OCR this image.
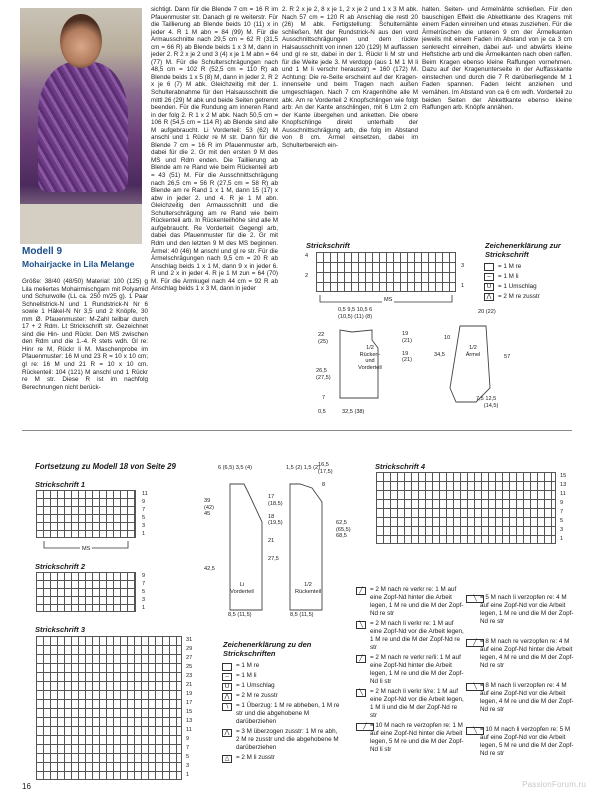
Modell 9
Mohairjacke in Lila Melange
Größe: 38/40 (48/50) Material: 100 (125) g Lila meliertes Mohairmischgarn mit Polyamid und Schurwolle (LL ca. 250 m/25 g). 1 Paar Schnellstrick-N und 1 Rundstrick-N Nr 6 sowie 1 Häkel-N Nr 3,5 und 2 Knöpfe, 30 mm Ø. Pfauenmuster: M-Zahl teilbar durch 17 + 2 Rdm. Lt Strickschrift str. Gezeichnet sind die Hin- und Rückr. Den MS zwischen den Rdm und die 1.-4. R stets wdh. Gl re: Hinr re M, Rückr li M. Maschenprobe im Pfauenmuster: 16 M und 23 R = 10 x 10 cm; gl re: 16 M und 21 R = 10 x 10 cm. Rückenteil: 104 (121) M anschl und 1 Rückr re M str. Diese R ist im nachfolg Berechnungen nicht berück-
sichtigt. Dann für die Blende 7 cm = 16 R im Pfauenmuster str. Danach gl re weiterstr. Für die Taillierung ab Blende beids 10 (11) x in jeder 4. R 1 M abn = 84 (99) M. Für die Armausschnitte nach 29,5 cm = 62 R (31,5 cm = 66 R) ab Blende beids 1 x 3 M, dann in jeder 2. R 2 x je 2 und 3 (4) x je 1 M abn = 64 (77) M. Für die Schulterschrägungen nach 48,5 cm = 102 R (52,5 cm = 110 R) ab Blende beids 1 x 5 (8) M, dann in jeder 2. R 2 x je 6 (7) M abk. Gleichzeitig mit der 1. Schulterabnahme für den Halsausschnitt die mittl 26 (29) M abk und beide Seiten getrennt beenden. Für die Rundung am inneren Rand in der folg 2. R 1 x 2 M abk. Nach 50,5 cm = 106 R (54,5 cm = 114 R) ab Blende sind alle M aufgebraucht. Li Vorderteil: 53 (62) M anschl und 1 Rückr re M str. Dann für die Blende 7 cm = 16 R im Pfauenmuster arb, dabei für die 2. Gr mit den ersten 9 M des MS und Rdm enden. Die Taillierung ab Blende am re Rand wie beim Rückenteil arb = 43 (51) M. Für die Ausschnittschrägung nach 26,5 cm = 56 R (27,5 cm = 58 R) ab Blende am re Rand 1 x 1 M, dann 15 (17) x abw in jeder 2. und 4. R je 1 M abn. Gleichzeitig den Armausschnitt und die Schulterschrägung am re Rand wie beim Rückenteil arb. In Rückenteilhöhe sind alle M aufgebraucht. Re Vorderteil: Gegengl arb, dabei das Pfauenmuster für die 2. Gr mit Rdm und den letzten 9 M des MS beginnen. Ärmel: 40 (46) M anschl und gl re str. Für die Ärmelschrägungen nach 9,5 cm = 20 R ab Anschlag beids 1 x 1 M, dann 9 x in jeder 6. R und 2 x in jeder 4. R je 1 M zun = 64 (70) M. Für die Armkugel nach 44 cm = 92 R ab Anschlag beids 1 x 3 M, dann in jeder
2. R 2 x je 2, 8 x je 1, 2 x je 2 und 1 x 3 M abk. Nach 57 cm = 120 R ab Anschlag die restl 20 (26) M abk. Fertigstellung: Schulternähte schließen. Mit der Rundstrick-N aus den vord Ausschnittschrägungen und dem rückw Halsausschnitt von innen 120 (129) M auffassen und gl re str, dabei in der 1. Rückr li M str und für die Weite jede 3. M verdopp (aus 1 M 1 M li und 1 M li verschr herausstr) = 160 (172) M. Achtung: Die re-Seite erscheint auf der Krageninnenseite und beim Tragen nach außen umgeschlagen. Nach 7 cm Kragenhöhe alle M abk. Am re Vorderteil 2 Knopfschlingen wie folgt arb: An der Kante anschlingen, mit 6 Ltm 2 cm der Kante übergehen und anketten. Die obere Knopfschlinge direkt unterhalb der Ausschnittschrägung arb, die folg im Abstand von 8 cm. Ärmel einsetzen, dabei im Schulterbereich ein-
halten. Seiten- und Ärmelnähte schließen. Für den bauschigen Effekt die Abkettkante des Kragens mit einem Faden einreihen und etwas zusziehen. Für die Ärmelrüschen die unteren 9 cm der Ärmelkanten jeweils mit einem Faden im Abstand von je ca 3 cm senkrecht einreihen, dabei auf- und abwärts kleine Heftstiche arb und die Ärmelkanten nach oben raffen. Beim Kragen ebenso kleine Raffungen vornehmen. Dazu auf der Kragenunterseite in der Auffasskante einstechen und durch die 7 R darüberliegende M 1 Faden spannen. Faden leicht anziehen und vernähen. Im Abstand von ca 6 cm wdh. Vorderteil zu beiden Seiten der Abkettkante ebenso kleine Raffungen arb. Knöpfe annähen.
Strickschrift
4
2
3
1
MS
Zeichenerklärung zur Strickschrift
= 1 M re
–	= 1 M li
U	= 1 Umschlag
⋀	= 2 M re zusstr
1/2 Rücken- und Vorderteil
1/2 Ärmel
0,5 9,5 10,5 6
(10,5) (11) (8)
22
(25)
19
(21)

19
(21)
26,5
(27,5)
7
32,5 (38)
0,5
20 (22)
10
34,5	57
7,5 12,5
(14,5)
Fortsetzung zu Modell 18 von Seite 29
Strickschrift 1
11
9
7
5
3
1
MS
Strickschrift 2
9
7
5
3
1
Strickschrift 3
31
29
27
25
23
21
19
17
15
13
11
9
7
5
3
1
Li Vorderteil
1/2 Rückenteil
6 (6,5) 3,5 (4)	1,5 (2) 1,5 (2)
16,5
(17,5)
8
39
(42)
45
17
(18,5)

18
(19,5)
21
62,5
(65,5)
68,5
27,5
42,5
8,5 (11,5)	8,5 (11,5)
Zeichenerklärung zu den Strickschriften
= 1 M re
–	= 1 M li
U	= 1 Umschlag
⋀	= 2 M re zusstr
∖	= 1 Überzug: 1 M re abheben, 1 M re str und die abgehobene M darüberziehen
⋀	= 3 M überzogen zusstr: 1 M re abh, 2 M re zusstr und die abgehobene M darüberziehen
△	= 2 M li zusstr
Strickschrift 4
15
13
11
9
7
5
3
1
╱	= 2 M nach re verkr re: 1 M auf eine Zopf-Nd hinter die Arbeit legen, 1 M re und die M der Zopf-Nd re str
╲	= 2 M nach li verkr re: 1 M auf eine Zopf-Nd vor die Arbeit legen, 1 M re und die M der Zopf-Nd re str
╱	= 2 M nach re verkr re/li: 1 M auf eine Zopf-Nd hinter die Arbeit legen, 1 M re und die M der Zopf-Nd li str
╲	= 2 M nach li verkr li/re: 1 M auf eine Zopf-Nd vor die Arbeit legen, 1 M li und die M der Zopf-Nd re str
╱ = 10 M nach re verzopfen re: 1 M auf eine Zopf-Nd hinter die Arbeit legen, 5 M re und die M der Zopf-Nd li str
╲ = 5 M nach li verzopfen re: 4 M auf eine Zopf-Nd vor die Arbeit legen, 1 M re und die M der Zopf-Nd re str
╱ = 8 M nach re verzopfen re: 4 M auf eine Zopf-Nd hinter die Arbeit legen, 4 M re und die M der Zopf-Nd re str
╲ = 8 M nach li verzopfen re: 4 M auf eine Zopf-Nd vor die Arbeit legen, 4 M re und die M der Zopf-Nd re str
╲ = 10 M nach li verzopfen re: 5 M auf eine Zopf-Nd vor die Arbeit legen, 5 M re und die M der Zopf-Nd re str
16	PassionForum.ru
